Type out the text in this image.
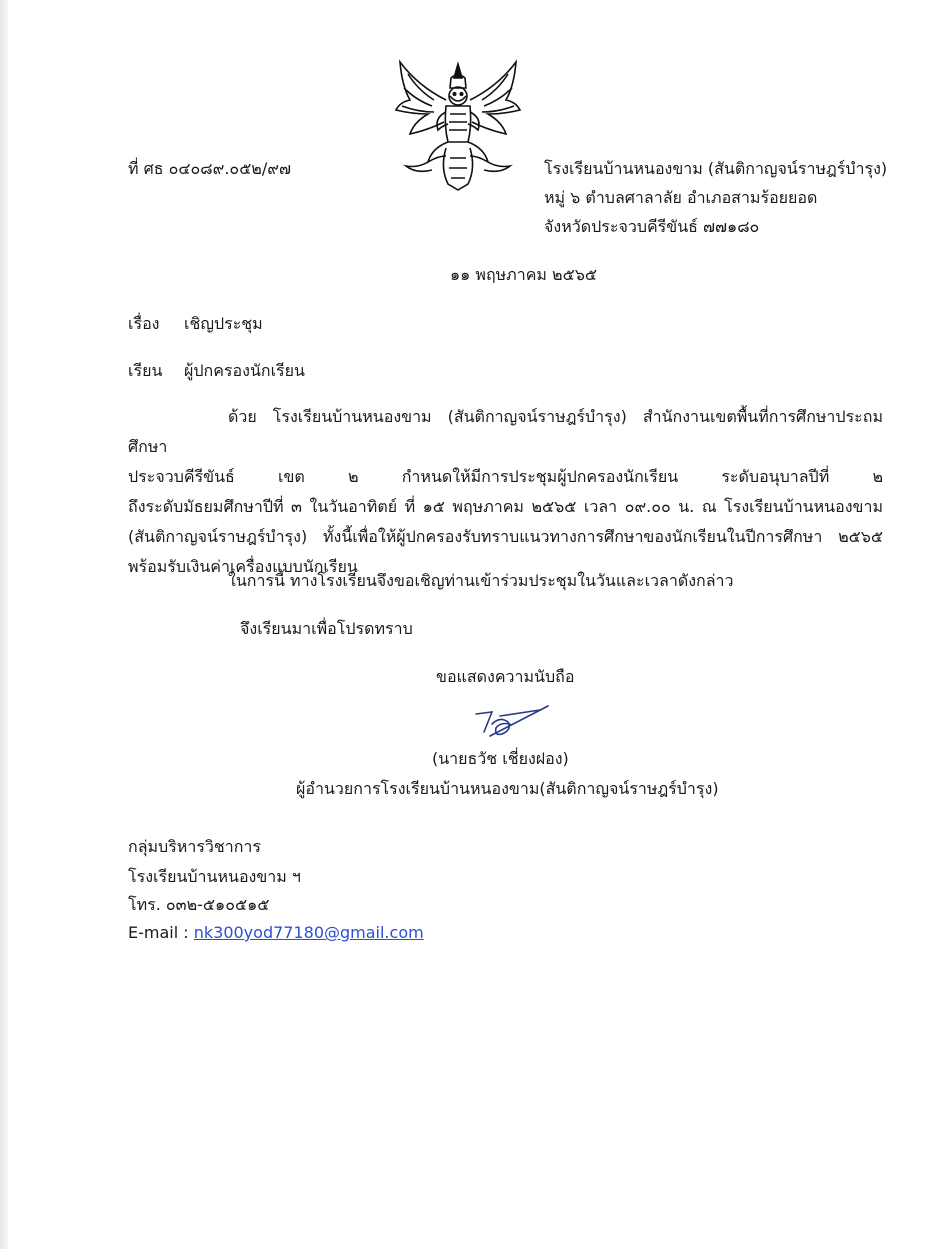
ที่ ศธ ๐๔๐๘๙.๐๕๒/๙๗	โรงเรียนบ้านหนองขาม (สันติกาญจน์ราษฎร์บำรุง)
หมู่ ๖ ตำบลศาลาลัย อำเภอสามร้อยยอด
จังหวัดประจวบคีรีขันธ์ ๗๗๑๘๐
๑๑ พฤษภาคม ๒๕๖๕
เรื่อง เชิญประชุม
เรียน ผู้ปกครองนักเรียน
ด้วย โรงเรียนบ้านหนองขาม (สันติกาญจน์ราษฎร์บำรุง) สำนักงานเขตพื้นที่การศึกษาประถมศึกษา
ประจวบคีรีขันธ์ เขต ๒ กำหนดให้มีการประชุมผู้ปกครองนักเรียน ระดับอนุบาลปีที่ ๒
ถึงระดับมัธยมศึกษาปีที่ ๓ ในวันอาทิตย์ ที่ ๑๕ พฤษภาคม ๒๕๖๕ เวลา ๐๙.๐๐ น. ณ โรงเรียนบ้านหนองขาม
(สันติกาญจน์ราษฎร์บำรุง) ทั้งนี้เพื่อให้ผู้ปกครองรับทราบแนวทางการศึกษาของนักเรียนในปีการศึกษา ๒๕๖๕
พร้อมรับเงินค่าเครื่องแบบนักเรียน
ในการนี้ ทางโรงเรียนจึงขอเชิญท่านเข้าร่วมประชุมในวันและเวลาดังกล่าว
จึงเรียนมาเพื่อโปรดทราบ
ขอแสดงความนับถือ
(นายธวัช เชี่ยงฝอง)
ผู้อำนวยการโรงเรียนบ้านหนองขาม(สันติกาญจน์ราษฎร์บำรุง)
กลุ่มบริหารวิชาการ
โรงเรียนบ้านหนองขาม ฯ
โทร. ๐๓๒-๕๑๐๕๑๕
E-mail : nk300yod77180@gmail.com
